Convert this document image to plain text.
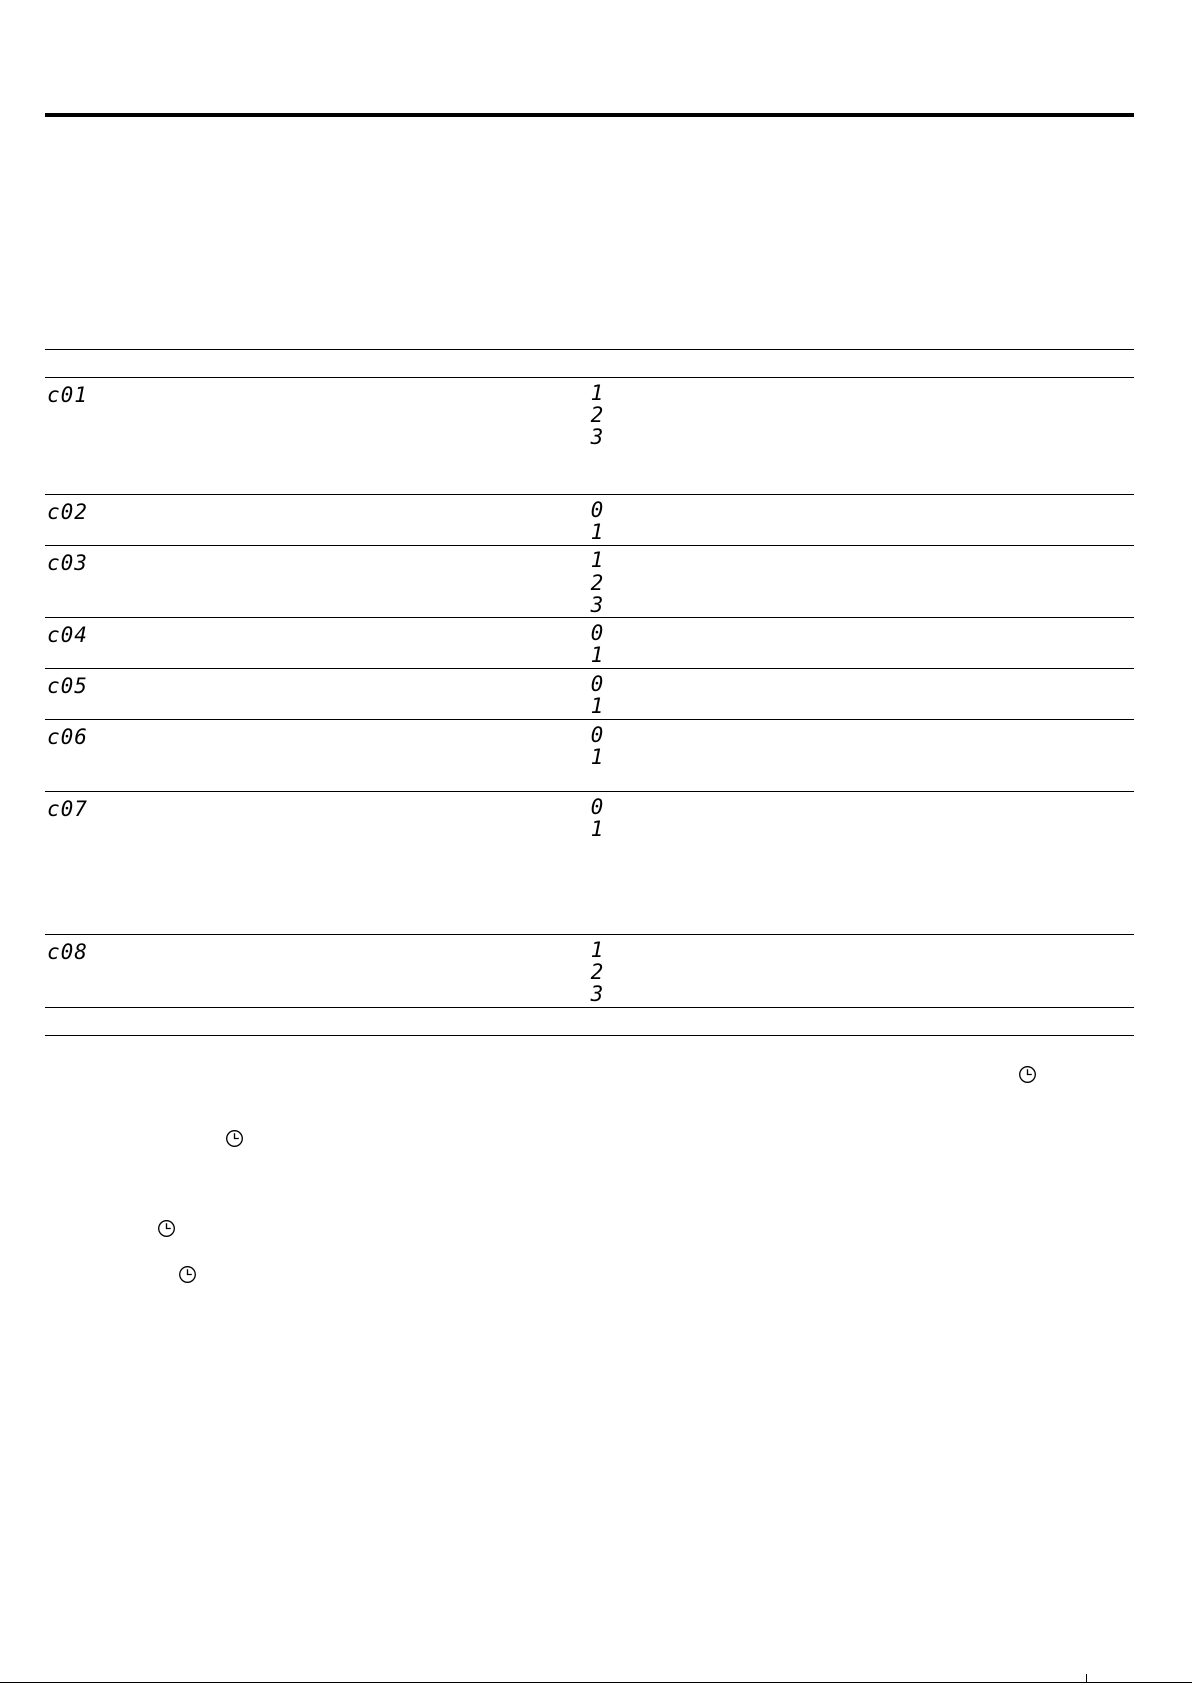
c01	1
2
3
c02	0
1
c03	1
2
3
c04	0
1
c05	0
1
c06	0
1
c07	0
1
c08	1
2
3
